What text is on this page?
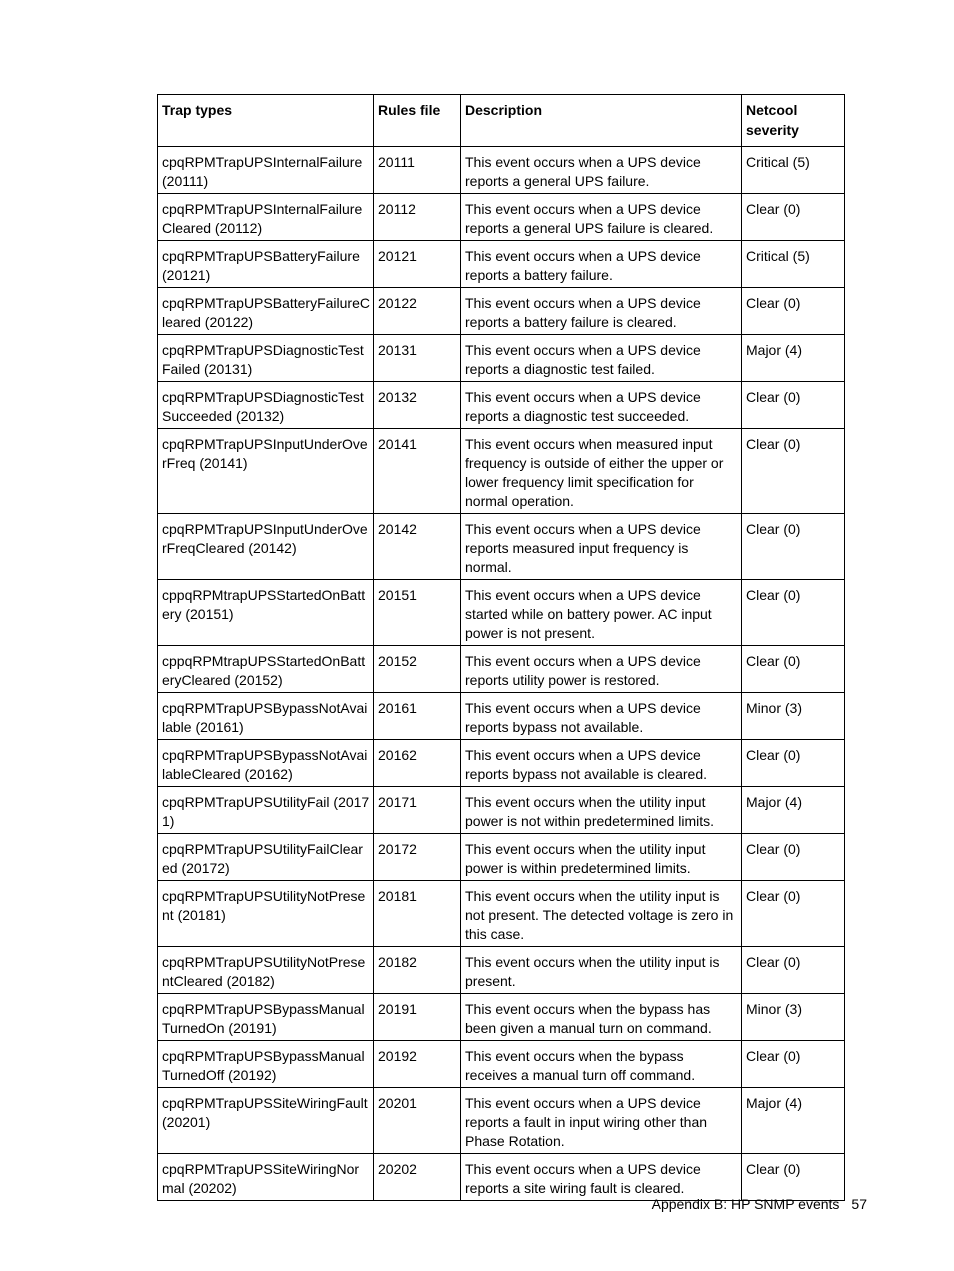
Trap types	Rules file	Description	Netcool
severity
cpqRPMTrapUPSInternalFailure (20111)	20111	This event occurs when a UPS device reports a general UPS failure.	Critical (5)
cpqRPMTrapUPSInternalFailureCleared (20112)	20112	This event occurs when a UPS device reports a general UPS failure is cleared.	Clear (0)
cpqRPMTrapUPSBatteryFailure (20121)	20121	This event occurs when a UPS device reports a battery failure.	Critical (5)
cpqRPMTrapUPSBatteryFailureCleared (20122)	20122	This event occurs when a UPS device reports a battery failure is cleared.	Clear (0)
cpqRPMTrapUPSDiagnosticTestFailed (20131)	20131	This event occurs when a UPS device reports a diagnostic test failed.	Major (4)
cpqRPMTrapUPSDiagnosticTestSucceeded (20132)	20132	This event occurs when a UPS device reports a diagnostic test succeeded.	Clear (0)
cpqRPMTrapUPSInputUnderOverFreq (20141)	20141	This event occurs when measured input frequency is outside of either the upper or lower frequency limit specification for normal operation.	Clear (0)
cpqRPMTrapUPSInputUnderOverFreqCleared (20142)	20142	This event occurs when a UPS device reports measured input frequency is normal.	Clear (0)
cppqRPMtrapUPSStartedOnBattery (20151)	20151	This event occurs when a UPS device started while on battery power. AC input power is not present.	Clear (0)
cppqRPMtrapUPSStartedOnBatteryCleared (20152)	20152	This event occurs when a UPS device reports utility power is restored.	Clear (0)
cpqRPMTrapUPSBypassNotAvailable (20161)	20161	This event occurs when a UPS device reports bypass not available.	Minor (3)
cpqRPMTrapUPSBypassNotAvailableCleared (20162)	20162	This event occurs when a UPS device reports bypass not available is cleared.	Clear (0)
cpqRPMTrapUPSUtilityFail (20171)	20171	This event occurs when the utility input power is not within predetermined limits.	Major (4)
cpqRPMTrapUPSUtilityFailCleared (20172)	20172	This event occurs when the utility input power is within predetermined limits.	Clear (0)
cpqRPMTrapUPSUtilityNotPresent (20181)	20181	This event occurs when the utility input is not present. The detected voltage is zero in this case.	Clear (0)
cpqRPMTrapUPSUtilityNotPresentCleared (20182)	20182	This event occurs when the utility input is present.	Clear (0)
cpqRPMTrapUPSBypassManualTurnedOn (20191)	20191	This event occurs when the bypass has been given a manual turn on command.	Minor (3)
cpqRPMTrapUPSBypassManualTurnedOff (20192)	20192	This event occurs when the bypass receives a manual turn off command.	Clear (0)
cpqRPMTrapUPSSiteWiringFault (20201)	20201	This event occurs when a UPS device reports a fault in input wiring other than Phase Rotation.	Major (4)
cpqRPMTrapUPSSiteWiringNormal (20202)	20202	This event occurs when a UPS device reports a site wiring fault is cleared.	Clear (0)
Appendix B: HP SNMP events 57
